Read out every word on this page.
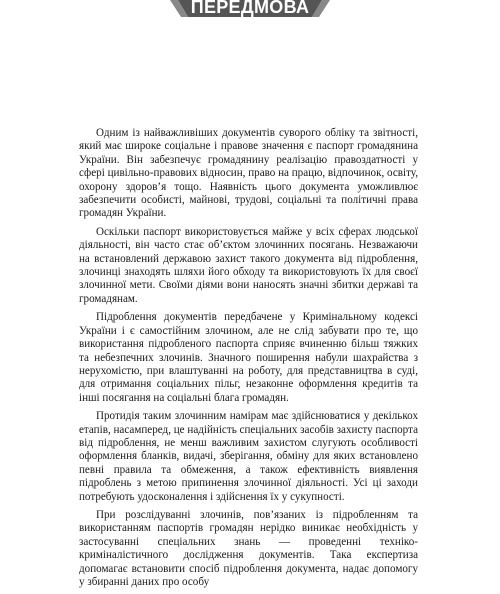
ПЕРЕДМОВА

Одним із найважливіших документів суворого обліку та звітності, який має широке соціальне і правове значення є паспорт громадянина України. Він забезпечує громадянину реалізацію правоздатності у сфері цивільно-правових відносин, право на працю, відпочинок, освіту, охорону здоров’я тощо. Наявність цього документа уможливлює забезпечити особисті, майнові, трудові, соціальні та політичні права громадян України.

Оскільки паспорт використовується майже у всіх сферах людської діяльності, він часто стає об’єктом злочинних посягань. Незважаючи на встановлений державою захист такого документа від підроблення, злочинці знаходять шляхи його обходу та використовують їх для своєї злочинної мети. Своїми діями вони наносять значні збитки державі та громадянам.

Підроблення документів передбачене у Кримінальному кодексі України і є самостійним злочином, але не слід забувати про те, що використання підробленого паспорта сприяє вчиненню більш тяжких та небезпечних злочинів. Значного поширення набули шахрайства з нерухомістю, при влаштуванні на роботу, для представництва в суді, для отримання соціальних пільг, незаконне оформлення кредитів та інші посягання на соціальні блага громадян.

Протидія таким злочинним намірам має здійснюватися у декількох етапів, насамперед, це надійність спеціальних засобів захисту паспорта від підроблення, не менш важливим захистом слугують особливості оформлення бланків, видачі, зберігання, обміну для яких встановлено певні правила та обмеження, а також ефективність виявлення підроблень з метою припинення злочинної діяльності. Усі ці заходи потребують удосконалення і здійснення їх у сукупності.

При розслідуванні злочинів, пов’язаних із підробленням та використанням паспортів громадян нерідко виникає необхідність у застосуванні спеціальних знань — проведенні техніко-криміналістичного дослідження документів. Така експертиза допомагає встановити спосіб підроблення документа, надає допомогу у збиранні даних про особу
